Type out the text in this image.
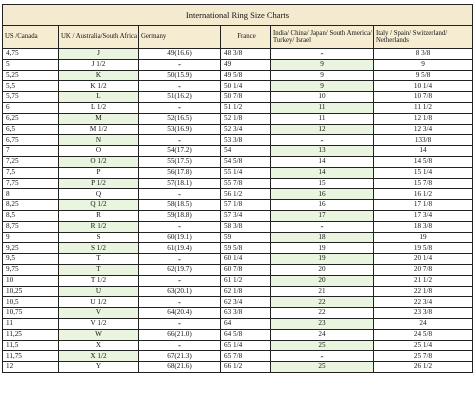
International Ring Size Charts					
US /Canada	UK / Australia/South Africa	Germany	France	India/ China/ Japan/ South America/ Turkey/ Israel	Italy / Spain/ Switzerland/ Netherlands
4,75	J	49(16.6)	48 3/8	-	8 3/8
5	J 1/2	-	49	9	9
5,25	K	50(15.9)	49 5/8	9	9 5/8
5,5	K 1/2	-	50 1/4	9	10 1/4
5,75	L	51(16.2)	50 7/8	10	10 7/8
6	L 1/2	-	51 1/2	11	11 1/2
6,25	M	52(16.5)	52 1/8	11	12 1/8
6,5	M 1/2	53(16.9)	52 3/4	12	12 3/4
6,75	N	-	53 3/8	-	133/8
7	O	54(17.2)	54	13	14
7,25	O 1/2	55(17.5)	54 5/8	14	14 5/8
7,5	P	56(17.8)	55 1/4	14	15 1/4
7,75	P 1/2	57(18.1)	55 7/8	15	15 7/8
8	Q	-	56 1/2	16	16 1/2
8,25	Q 1/2	58(18.5)	57 1/8	16	17 1/8
8,5	R	59(18.8)	57 3/4	17	17 3/4
8,75	R 1/2	-	58 3/8	-	18 3/8
9	S	60(19.1)	59	18	19
9,25	S 1/2	61(19.4)	59 5/8	19	19 5/8
9,5	T	-	60 1/4	19	20 1/4
9,75	T	62(19.7)	60 7/8	20	20 7/8
10	T 1/2	-	61 1/2	20	21 1/2
10,25	U	63(20.1)	62 1/8	21	22 1/8
10,5	U 1/2	-	62 3/4	22	22 3/4
10,75	V	64(20.4)	63 3/8	22	23 3/8
11	V 1/2	-	64	23	24
11,25	W	66(21.0)	64 5/8	24	24 5/8
11,5	X	-	65 1/4	25	25 1/4
11,75	X 1/2	67(21.3)	65 7/8	-	25 7/8
12	Y	68(21.6)	66 1/2	25	26 1/2
